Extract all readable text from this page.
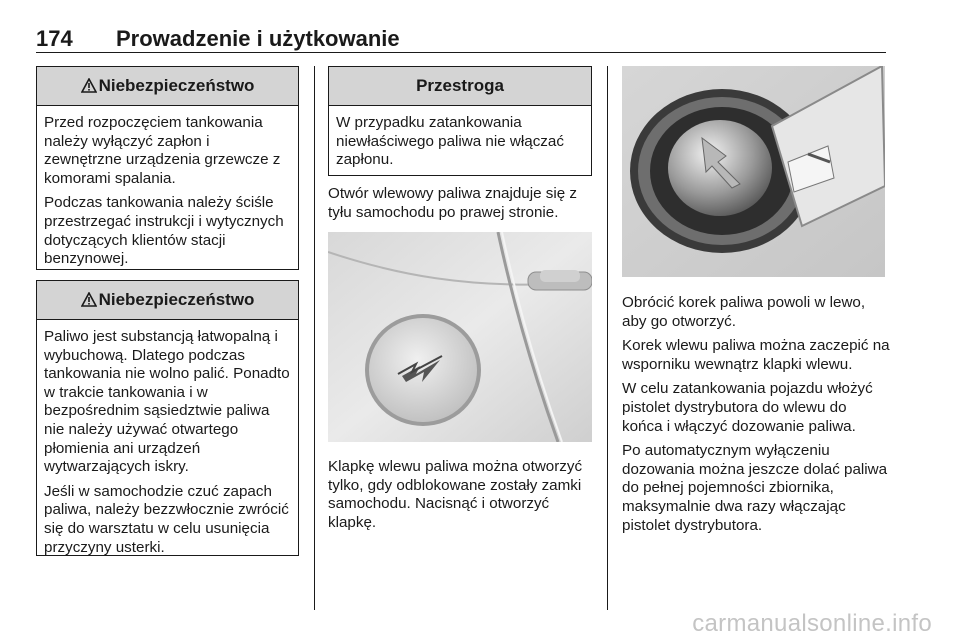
174 Prowadzenie i użytkowanie
Niebezpieczeństwo

Przed rozpoczęciem tankowania należy wyłączyć zapłon i zewnętrzne urządzenia grzewcze z komorami spalania.

Podczas tankowania należy ściśle przestrzegać instrukcji i wytycznych dotyczących klientów stacji benzynowej.

Niebezpieczeństwo

Paliwo jest substancją łatwopalną i wybuchową. Dlatego podczas tankowania nie wolno palić. Ponadto w trakcie tankowania i w bezpośrednim sąsiedztwie paliwa nie należy używać otwartego płomienia ani urządzeń wytwarzających iskry.

Jeśli w samochodzie czuć zapach paliwa, należy bezzwłocznie zwrócić się do warsztatu w celu usunięcia przyczyny usterki.

Przestroga

W przypadku zatankowania niewłaściwego paliwa nie włączać zapłonu.

Otwór wlewowy paliwa znajduje się z tyłu samochodu po prawej stronie.

Klapkę wlewu paliwa można otworzyć tylko, gdy odblokowane zostały zamki samochodu. Nacisnąć i otworzyć klapkę.

Obrócić korek paliwa powoli w lewo, aby go otworzyć.

Korek wlewu paliwa można zaczepić na wsporniku wewnątrz klapki wlewu.

W celu zatankowania pojazdu włożyć pistolet dystrybutora do wlewu do końca i włączyć dozowanie paliwa.

Po automatycznym wyłączeniu dozowania można jeszcze dolać paliwa do pełnej pojemności zbiornika, maksymalnie dwa razy włączając pistolet dystrybutora.

carmanualsonline.info
